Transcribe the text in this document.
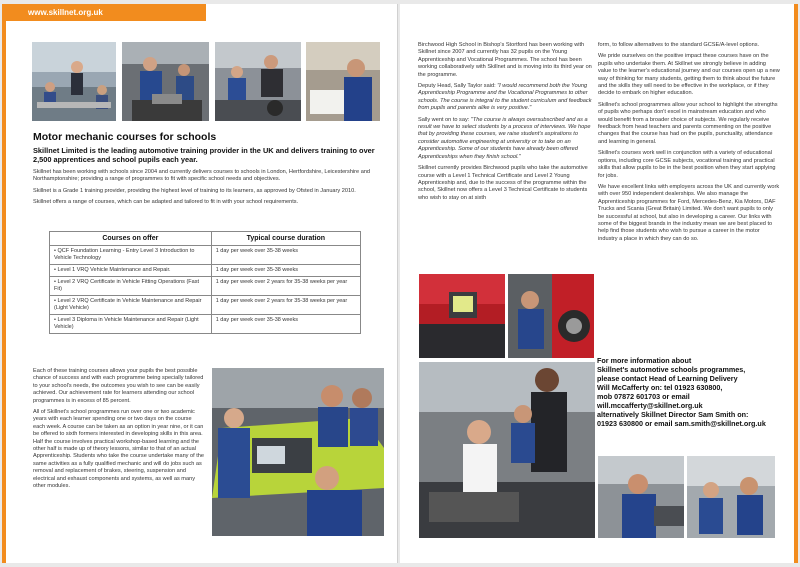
www.skillnet.org.uk
Motor mechanic courses for schools

Skillnet Limited is the leading automotive training provider in the UK and delivers training to over 2,500 apprentices and school pupils each year.

Skillnet has been working with schools since 2004 and currently delivers courses to schools in London, Hertfordshire, Leicestershire and Northamptonshire; providing a range of programmes to fit with specific school needs and objectives.

Skillnet is a Grade 1 training provider, providing the highest level of training to its learners, as approved by Ofsted in January 2010.

Skillnet offers a range of courses, which can be adapted and tailored to fit in with your school requirements.

Courses on offer	Typical course duration
• QCF Foundation Learning - Entry Level 3 Introduction to Vehicle Technology	1 day per week over 35-38 weeks
• Level 1 VRQ Vehicle Maintenance and Repair.	1 day per week over 35-38 weeks
• Level 2 VRQ Certificate in Vehicle Fitting Operations (Fast Fit)	1 day per week over 2 years for 35-38 weeks per year
• Level 2 VRQ Certificate in Vehicle Maintenance and Repair (Light Vehicle)	1 day per week over 2 years for 35-38 weeks per year
• Level 3 Diploma in Vehicle Maintenance and Repair (Light Vehicle)	1 day per week over 35-38 weeks

Each of these training courses allows your pupils the best possible chance of success and with each programme being specially tailored to your school's needs, the outcomes you wish to see can be easily achieved. Our achievement rate for learners attending our school programmes is in excess of 85 percent.

All of Skillnet's school programmes run over one or two academic years with each learner spending one or two days on the course each week. A course can be taken as an option in year nine, or it can be offered to sixth formers interested in developing skills in this area. Half the course involves practical workshop-based learning and the other half is made up of theory lessons, similar to that of an actual Apprenticeship. Students who take the course undertake many of the same activities as a fully qualified mechanic and will do jobs such as removal and replacement of brakes, steering, suspension and electrical and exhaust components and systems, as well as many other modules.

Birchwood High School in Bishop's Stortford has been working with Skillnet since 2007 and currently has 32 pupils on the Young Apprenticeship and Vocational Programmes. The school has been working collaboratively with Skillnet and is moving into its third year on the programme.

Deputy Head, Sally Taylor said: "I would recommend both the Young Apprenticeship Programme and the Vocational Programmes to other schools. The course is integral to the student curriculum and feedback from pupils and parents alike is very positive."

Sally went on to say: "The course is always oversubscribed and as a result we have to select students by a process of interviews. We hope that by providing these courses, we raise student's aspirations to consider automotive engineering at university or to take on an Apprenticeship. Some of our students have already been offered Apprenticeships when they finish school."

Skillnet currently provides Birchwood pupils who take the automotive course with a Level 1 Technical Certificate and Level 2 Young Apprenticeship and, due to the success of the programme within the school, Skillnet now offers a Level 3 Technical Certificate to students who wish to stay on at sixth

form, to follow alternatives to the standard GCSE/A-level options.

We pride ourselves on the positive impact these courses have on the pupils who undertake them. At Skillnet we strongly believe in adding value to the learner's educational journey and our courses open up a new way of thinking for many students, getting them to think about the future and the skills they will need to be effective in the workplace, or if they decide to embark on higher education.

Skillnet's school programmes allow your school to highlight the strengths of pupils who perhaps don't excel in mainstream education and who would benefit from a broader choice of subjects. We regularly receive feedback from head teachers and parents commenting on the positive changes that the course has had on the pupils, punctuality, attendance and learning in general.

Skillnet's courses work well in conjunction with a variety of educational options, including core GCSE subjects, vocational training and practical skills that allow pupils to be in the best position when they start applying for jobs.

We have excellent links with employers across the UK and currently work with over 950 independent dealerships. We also manage the Apprenticeship programmes for Ford, Mercedes-Benz, Kia Motors, DAF Trucks and Scania (Great Britain) Limited. We don't want pupils to only be successful at school, but also in developing a career. Our links with some of the biggest brands in the industry mean we are best placed to help find those students who wish to pursue a career in the motor industry a place in which they can do so.

For more information about
Skillnet's automotive schools programmes,
please contact Head of Learning Delivery
Will McCafferty on: tel 01923 630800,
mob 07872 601703 or email
will.mccafferty@skillnet.org.uk
alternatively Skillnet Director Sam Smith on:
01923 630800 or email sam.smith@skillnet.org.uk
